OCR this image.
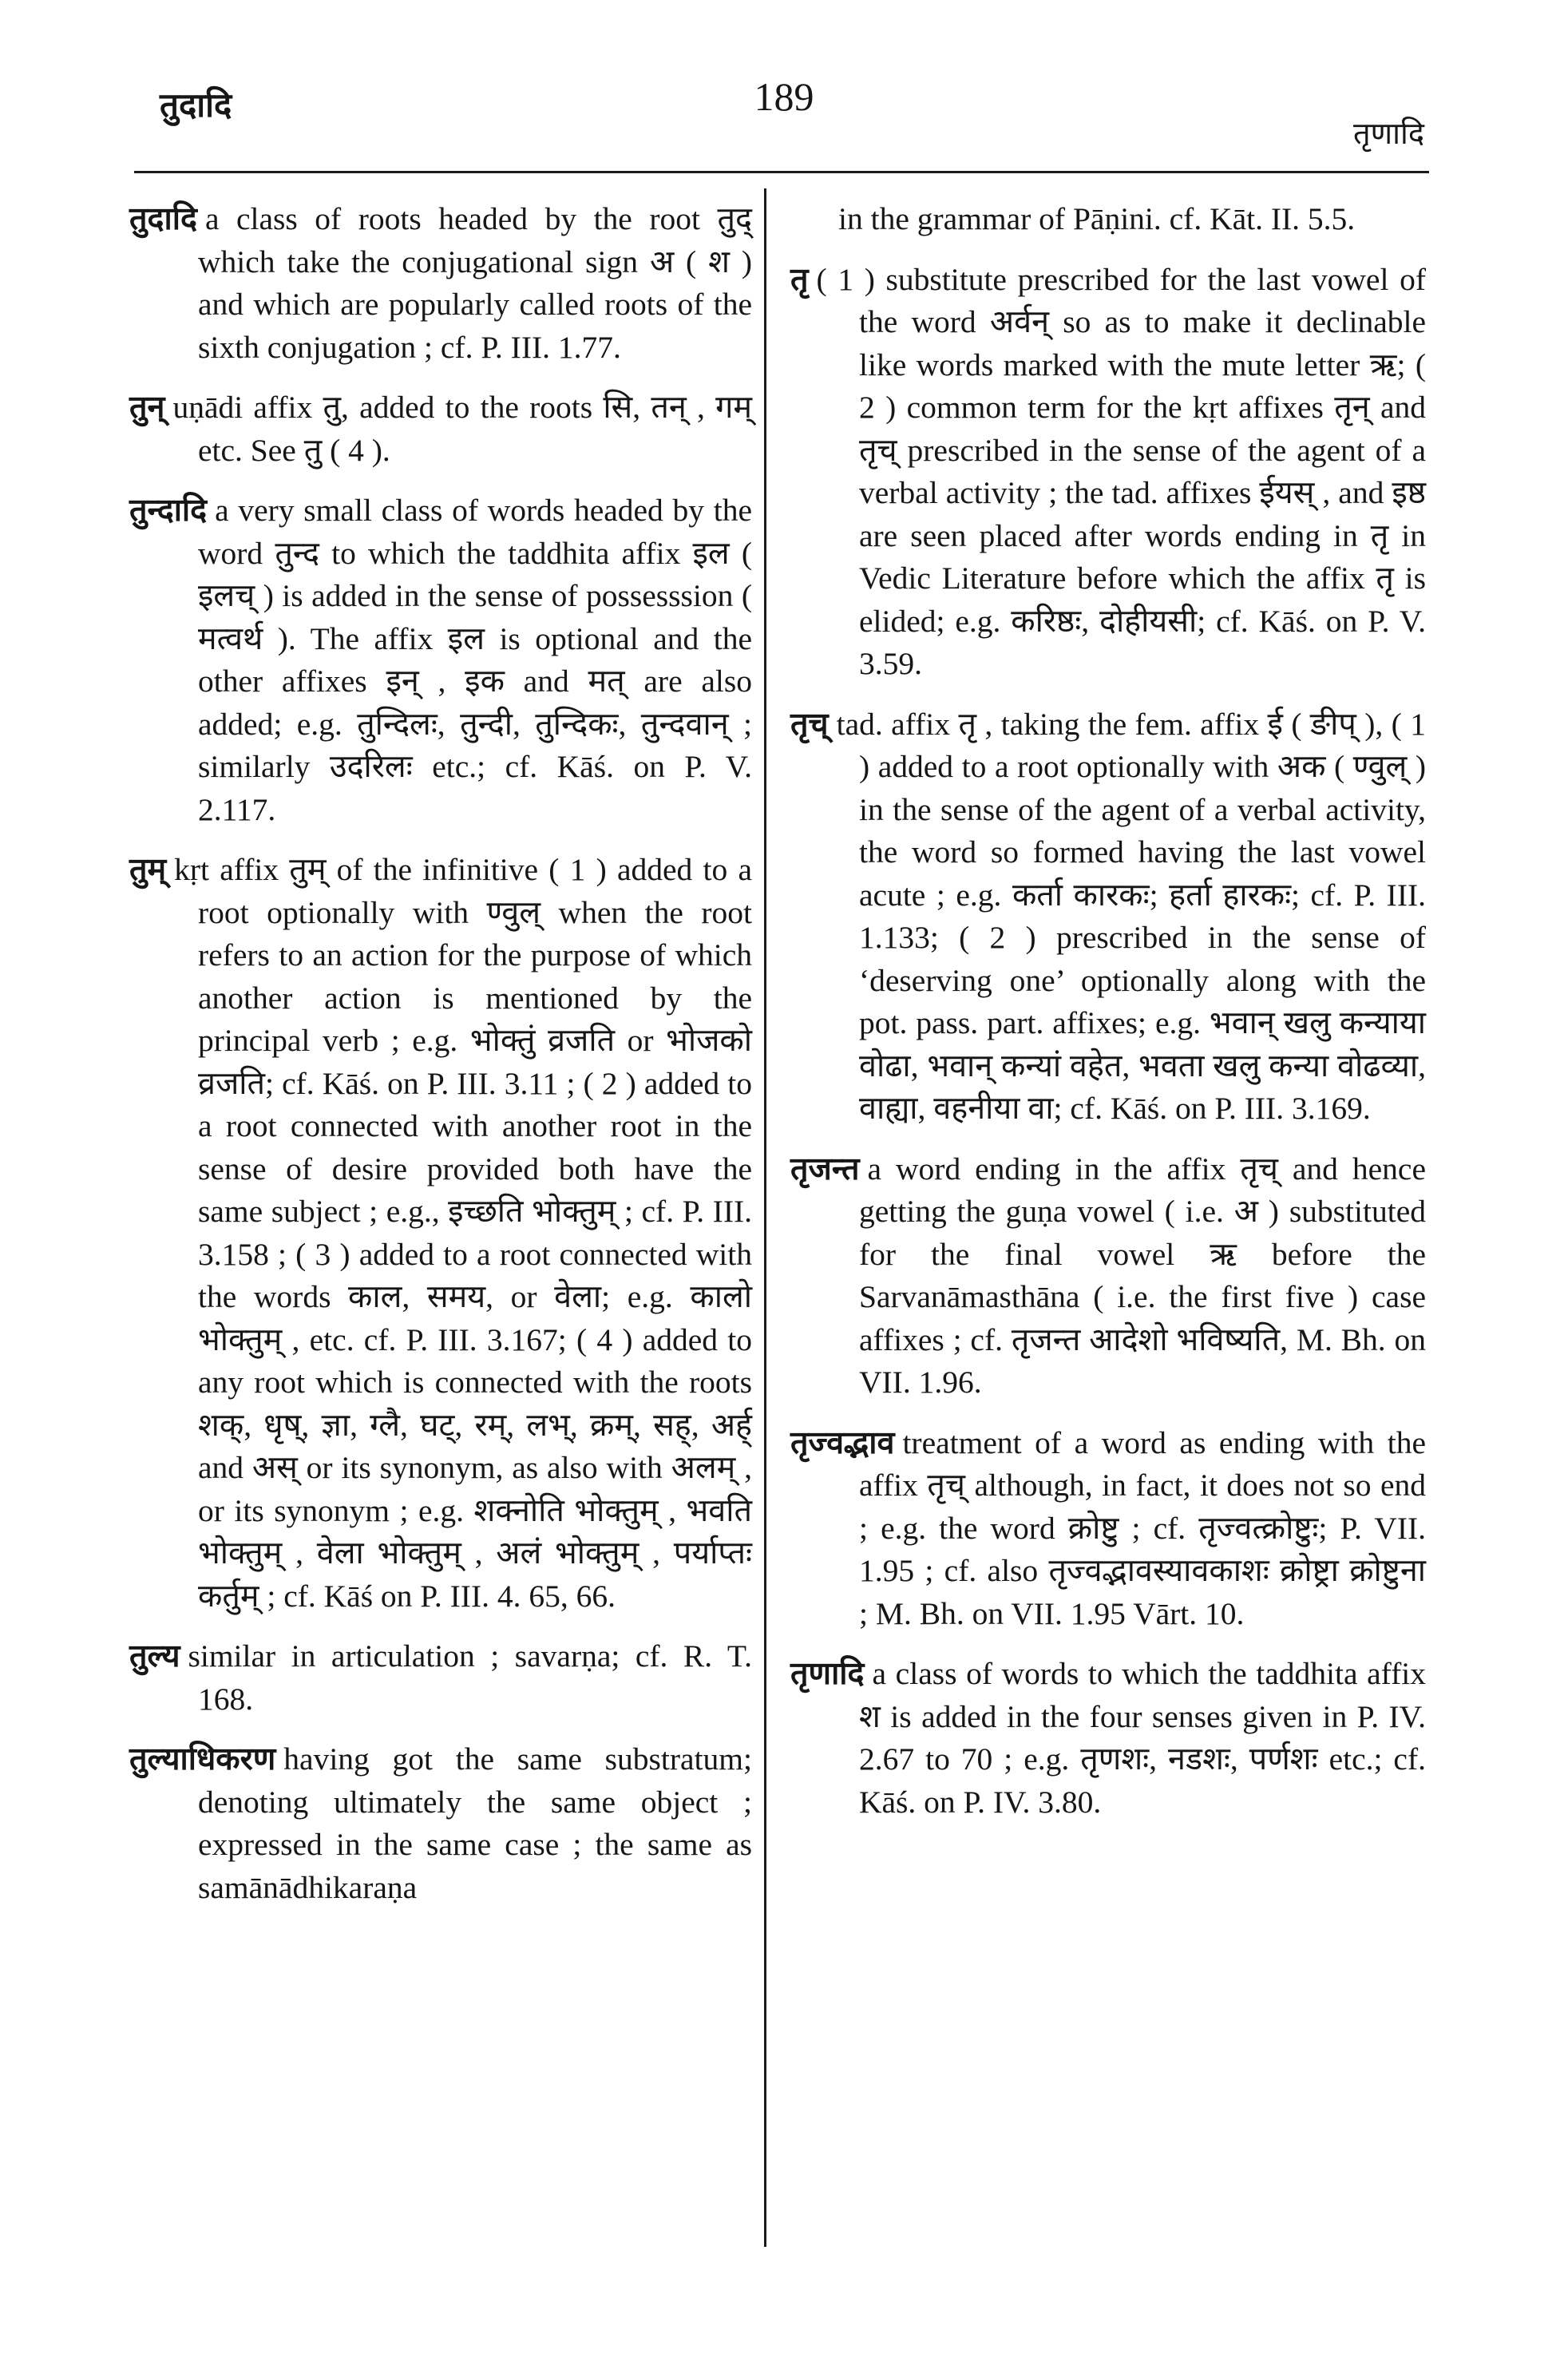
तुदादि	189
तृणादि

तुदादि a class of roots headed by the root तुद् which take the conjugational sign अ ( श ) and which are popularly called roots of the sixth conjugation ; cf. P. III. 1.77.

तुन् uṇādi affix तु, added to the roots सि, तन् , गम् etc. See तु ( 4 ).

तुन्दादि a very small class of words headed by the word तुन्द to which the taddhita affix इल ( इलच् ) is added in the sense of possesssion ( मत्वर्थ ). The affix इल is optional and the other affixes इन् , इक and मत् are also added; e.g. तुन्दिलः, तुन्दी, तुन्दिकः, तुन्दवान् ; similarly उदरिलः etc.; cf. Kāś. on P. V. 2.117.

तुम् kṛt affix तुम् of the infinitive ( 1 ) added to a root optionally with ण्वुल् when the root refers to an action for the purpose of which another action is mentioned by the principal verb ; e.g. भोक्तुं व्रजति or भोजको व्रजति; cf. Kāś. on P. III. 3.11 ; ( 2 ) added to a root connected with another root in the sense of desire provided both have the same subject ; e.g., इच्छति भोक्तुम् ; cf. P. III. 3.158 ; ( 3 ) added to a root connected with the words काल, समय, or वेला; e.g. कालो भोक्तुम् , etc. cf. P. III. 3.167; ( 4 ) added to any root which is connected with the roots शक्, धृष्, ज्ञा, ग्लै, घट्, रम्, लभ्, क्रम्, सह्, अर्ह् and अस् or its synonym, as also with अलम् , or its synonym ; e.g. शक्नोति भोक्तुम् , भवति भोक्तुम् , वेला भोक्तुम् , अलं भोक्तुम् , पर्याप्तः कर्तुम् ; cf. Kāś on P. III. 4. 65, 66.

तुल्य similar in articulation ; savarṇa; cf. R. T. 168.

तुल्याधिकरण having got the same substratum; denoting ultimately the same object ; expressed in the same case ; the same as samānādhikaraṇa

in the grammar of Pāṇini. cf. Kāt. II. 5.5.

तृ ( 1 ) substitute prescribed for the last vowel of the word अर्वन् so as to make it declinable like words marked with the mute letter ऋ; ( 2 ) common term for the kṛt affixes तृन् and तृच् prescribed in the sense of the agent of a verbal activity ; the tad. affixes ईयस् , and इष्ठ are seen placed after words ending in तृ in Vedic Literature before which the affix तृ is elided; e.g. करिष्ठः, दोहीयसी; cf. Kāś. on P. V. 3.59.

तृच् tad. affix तृ , taking the fem. affix ई ( ङीप् ), ( 1 ) added to a root optionally with अक ( ण्वुल् ) in the sense of the agent of a verbal activity, the word so formed having the last vowel acute ; e.g. कर्ता कारकः; हर्ता हारकः; cf. P. III. 1.133; ( 2 ) prescribed in the sense of ‘deserving one’ optionally along with the pot. pass. part. affixes; e.g. भवान् खलु कन्याया वोढा, भवान् कन्यां वहेत, भवता खलु कन्या वोढव्या, वाह्या, वहनीया वा; cf. Kāś. on P. III. 3.169.

तृजन्त a word ending in the affix तृच् and hence getting the guṇa vowel ( i.e. अ ) substituted for the final vowel ऋ before the Sarvanāmasthāna ( i.e. the first five ) case affixes ; cf. तृजन्त आदेशो भविष्यति, M. Bh. on VII. 1.96.

तृज्वद्भाव treatment of a word as ending with the affix तृच् although, in fact, it does not so end ; e.g. the word क्रोष्टु ; cf. तृज्वत्क्रोष्टुः; P. VII. 1.95 ; cf. also तृज्वद्भावस्यावकाशः क्रोष्ट्रा क्रोष्टुना ; M. Bh. on VII. 1.95 Vārt. 10.

तृणादि a class of words to which the taddhita affix श is added in the four senses given in P. IV. 2.67 to 70 ; e.g. तृणशः, नडशः, पर्णशः etc.; cf. Kāś. on P. IV. 3.80.
